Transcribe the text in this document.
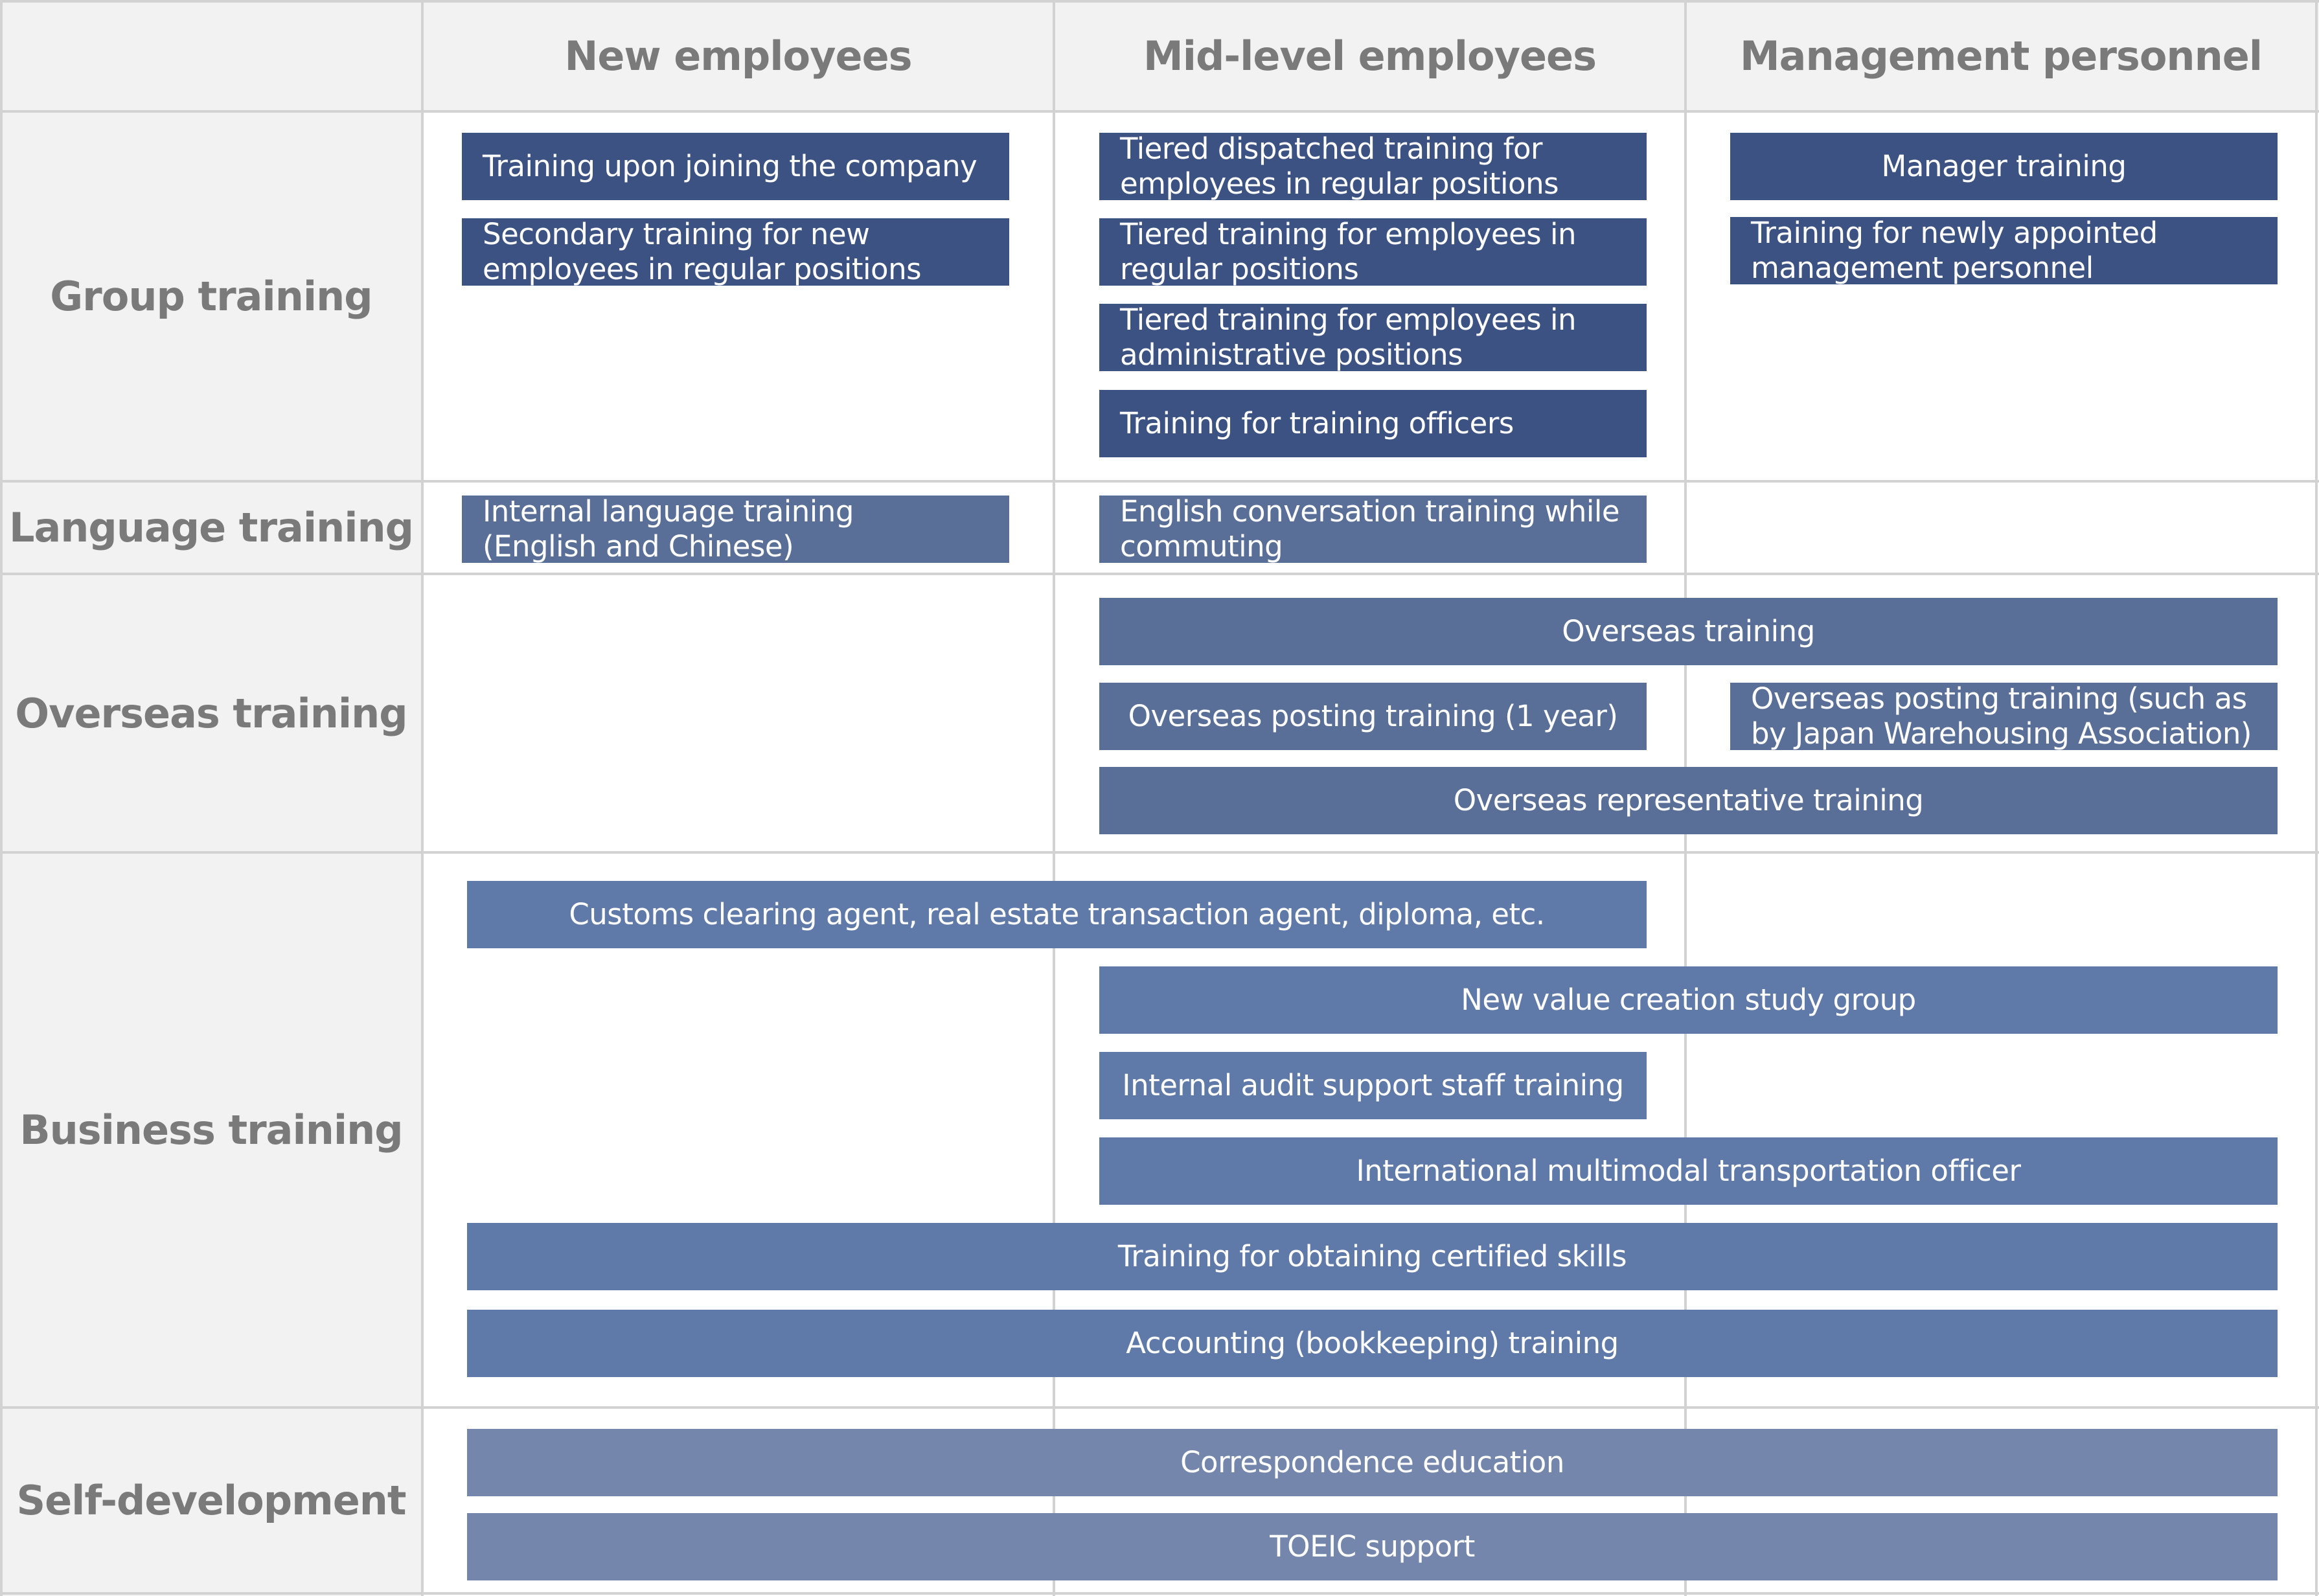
New employees	Mid-level employees	Management personnel
Group training
Language training
Overseas training
Business training
Self-development
Training upon joining the company
Secondary training for new
employees in regular positions
Tiered dispatched training for
employees in regular positions
Tiered training for employees in
regular positions
Tiered training for employees in
administrative positions
Training for training officers
Manager training
Training for newly appointed
management personnel
Internal language training
(English and Chinese)
English conversation training while
commuting
Overseas training
Overseas posting training (1 year)
Overseas posting training (such as
by Japan Warehousing Association)
Overseas representative training
Customs clearing agent, real estate transaction agent, diploma, etc.
New value creation study group
Internal audit support staff training
International multimodal transportation officer
Training for obtaining certified skills
Accounting (bookkeeping) training
Correspondence education
TOEIC support
